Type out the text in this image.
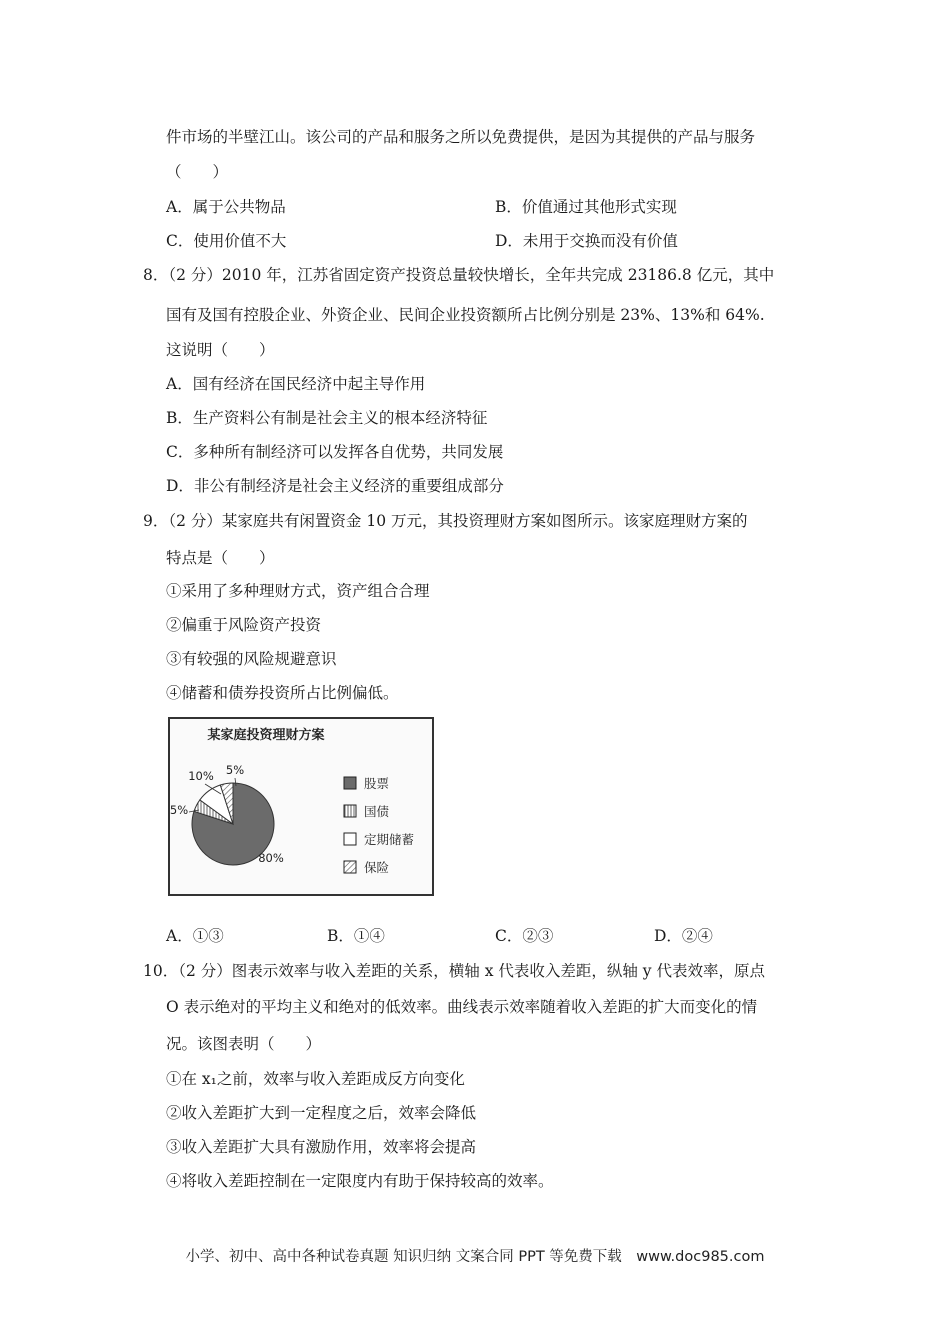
件市场的半壁江山。该公司的产品和服务之所以免费提供，是因为其提供的产品与服务
（　　）
A．属于公共物品	B．价值通过其他形式实现
C．使用价值不大	D．未用于交换而没有价值
8．（2 分）2010 年，江苏省固定资产投资总量较快增长，全年共完成 23186.8 亿元，其中
国有及国有控股企业、外资企业、民间企业投资额所占比例分别是 23%、13%和 64%.
这说明（　　）
A．国有经济在国民经济中起主导作用
B．生产资料公有制是社会主义的根本经济特征
C．多种所有制经济可以发挥各自优势，共同发展
D．非公有制经济是社会主义经济的重要组成部分
9．（2 分）某家庭共有闲置资金 10 万元，其投资理财方案如图所示。该家庭理财方案的
特点是（　　）
①采用了多种理财方式，资产组合合理
②偏重于风险资产投资
③有较强的风险规避意识
④储蓄和债券投资所占比例偏低。
某家庭投资理财方案
80%
5%
10%
5%
股票
国债
定期储蓄
保险
A．①③	B．①④	C．②③	D．②④
10．（2 分）图表示效率与收入差距的关系，横轴 x 代表收入差距，纵轴 y 代表效率，原点
O 表示绝对的平均主义和绝对的低效率。曲线表示效率随着收入差距的扩大而变化的情
况。该图表明（　　）
①在 x₁之前，效率与收入差距成反方向变化
②收入差距扩大到一定程度之后，效率会降低
③收入差距扩大具有激励作用，效率将会提高
④将收入差距控制在一定限度内有助于保持较高的效率。
小学、初中、高中各种试卷真题 知识归纳 文案合同 PPT 等免费下载　www.doc985.com
